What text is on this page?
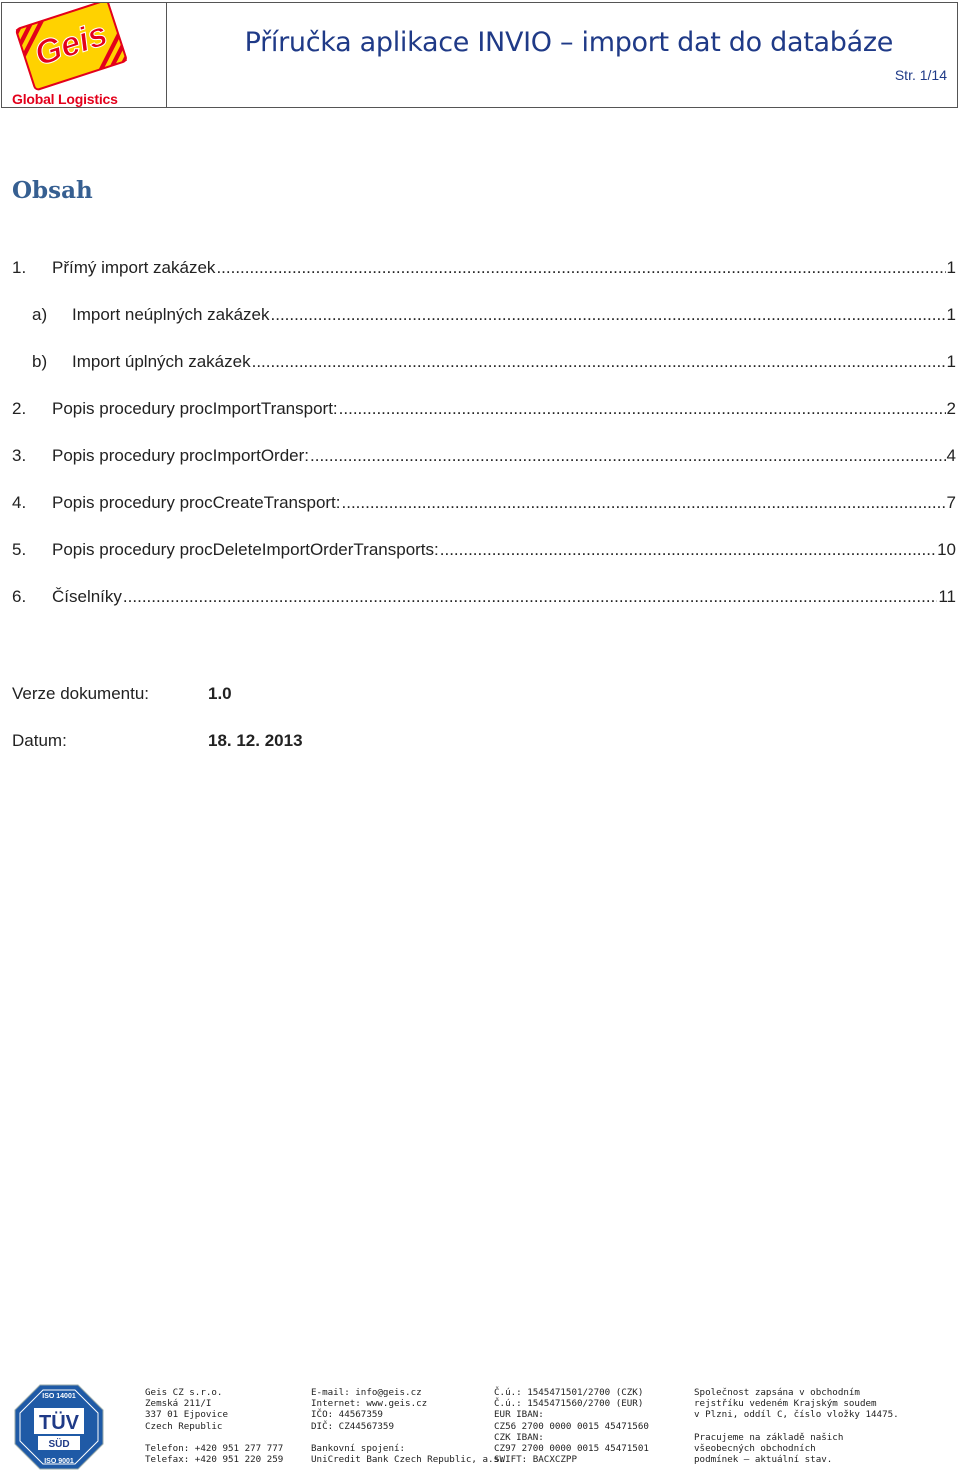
Geis
Global Logistics
Příručka aplikace INVIO – import dat do databáze
Str. 1/14
Obsah
1.	Přímý import zakázek .....	1
a)	Import neúplných zakázek .....	1
b)	Import úplných zakázek .....	1
2.	Popis procedury procImportTransport: .....	2
3.	Popis procedury procImportOrder: .....	4
4.	Popis procedury procCreateTransport: .....	7
5.	Popis procedury procDeleteImportOrderTransports: .....	10
6.	Číselníky .....	11
Verze dokumentu:	1.0
Datum:	18. 12. 2013
ISO 14001
TÜV
SÜD
ISO 9001
Geis CZ s.r.o.
Zemská 211/I
337 01 Ejpovice
Czech Republic
Telefon: +420 951 277 777
Telefax: +420 951 220 259
E-mail: info@geis.cz
Internet: www.geis.cz
IČO: 44567359
DIČ: CZ44567359
Bankovní spojení:
UniCredit Bank Czech Republic, a.s.
Č.ú.: 1545471501/2700 (CZK)
Č.ú.: 1545471560/2700 (EUR)
EUR IBAN:
CZ56 2700 0000 0015 45471560
CZK IBAN:
CZ97 2700 0000 0015 45471501
SWIFT: BACXCZPP
Společnost zapsána v obchodním
rejstříku vedeném Krajským soudem
v Plzni, oddíl C, číslo vložky 14475.
Pracujeme na základě našich
všeobecných obchodních
podmínek – aktuální stav.
